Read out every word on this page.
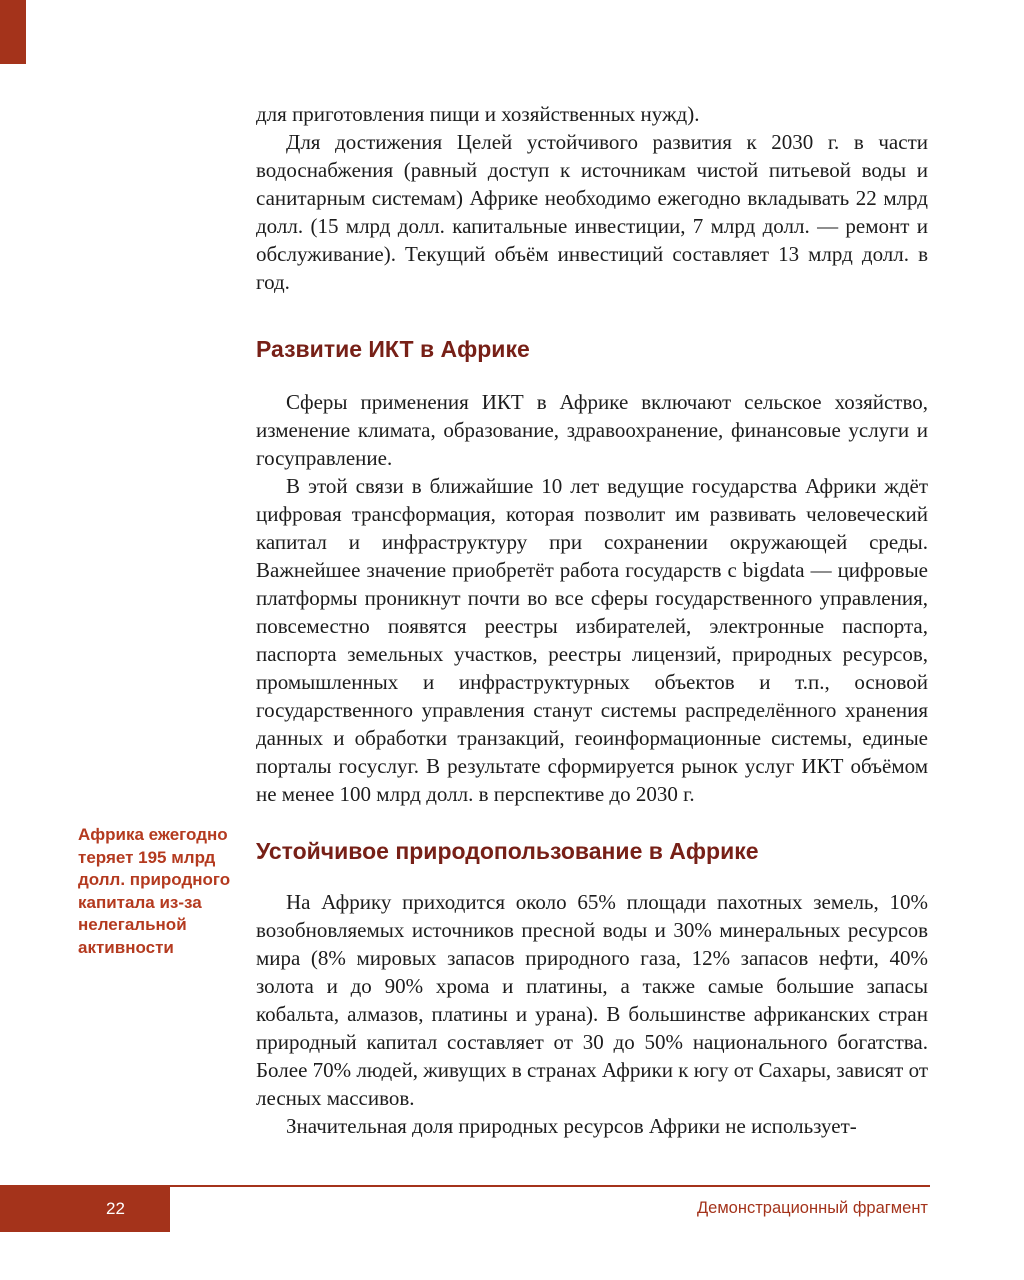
для приготовления пищи и хозяйственных нужд).

Для достижения Целей устойчивого развития к 2030 г. в части водоснабжения (равный доступ к источникам чистой питьевой воды и санитарным системам) Африке необходимо ежегодно вкладывать 22 млрд долл. (15 млрд долл. капитальные инвестиции, 7 млрд долл. — ремонт и обслуживание). Текущий объём инвестиций составляет 13 млрд долл. в год.

Развитие ИКТ в Африке

Сферы применения ИКТ в Африке включают сельское хозяйство, изменение климата, образование, здравоохранение, финансовые услуги и госуправление.

В этой связи в ближайшие 10 лет ведущие государства Африки ждёт цифровая трансформация, которая позволит им развивать человеческий капитал и инфраструктуру при сохранении окружающей среды. Важнейшее значение приобретёт работа государств с bigdata — цифровые платформы проникнут почти во все сферы государственного управления, повсеместно появятся реестры избирателей, электронные паспорта, паспорта земельных участков, реестры лицензий, природных ресурсов, промышленных и инфраструктурных объектов и т.п., основой государственного управления станут системы распределённого хранения данных и обработки транзакций, геоинформационные системы, единые порталы госуслуг. В результате сформируется рынок услуг ИКТ объёмом не менее 100 млрд долл. в перспективе до 2030 г.

Устойчивое природопользование в Африке

На Африку приходится около 65% площади пахотных земель, 10% возобновляемых источников пресной воды и 30% минеральных ресурсов мира (8% мировых запасов природного газа, 12% запасов нефти, 40% золота и до 90% хрома и платины, а также самые большие запасы кобальта, алмазов, платины и урана). В большинстве африканских стран природный капитал составляет от 30 до 50% национального богатства. Более 70% людей, живущих в странах Африки к югу от Сахары, зависят от лесных массивов.

Значительная доля природных ресурсов Африки не использует-

Африка ежегодно теряет 195 млрд долл. природного капитала из-за нелегальной активности
22	Демонстрационный фрагмент
